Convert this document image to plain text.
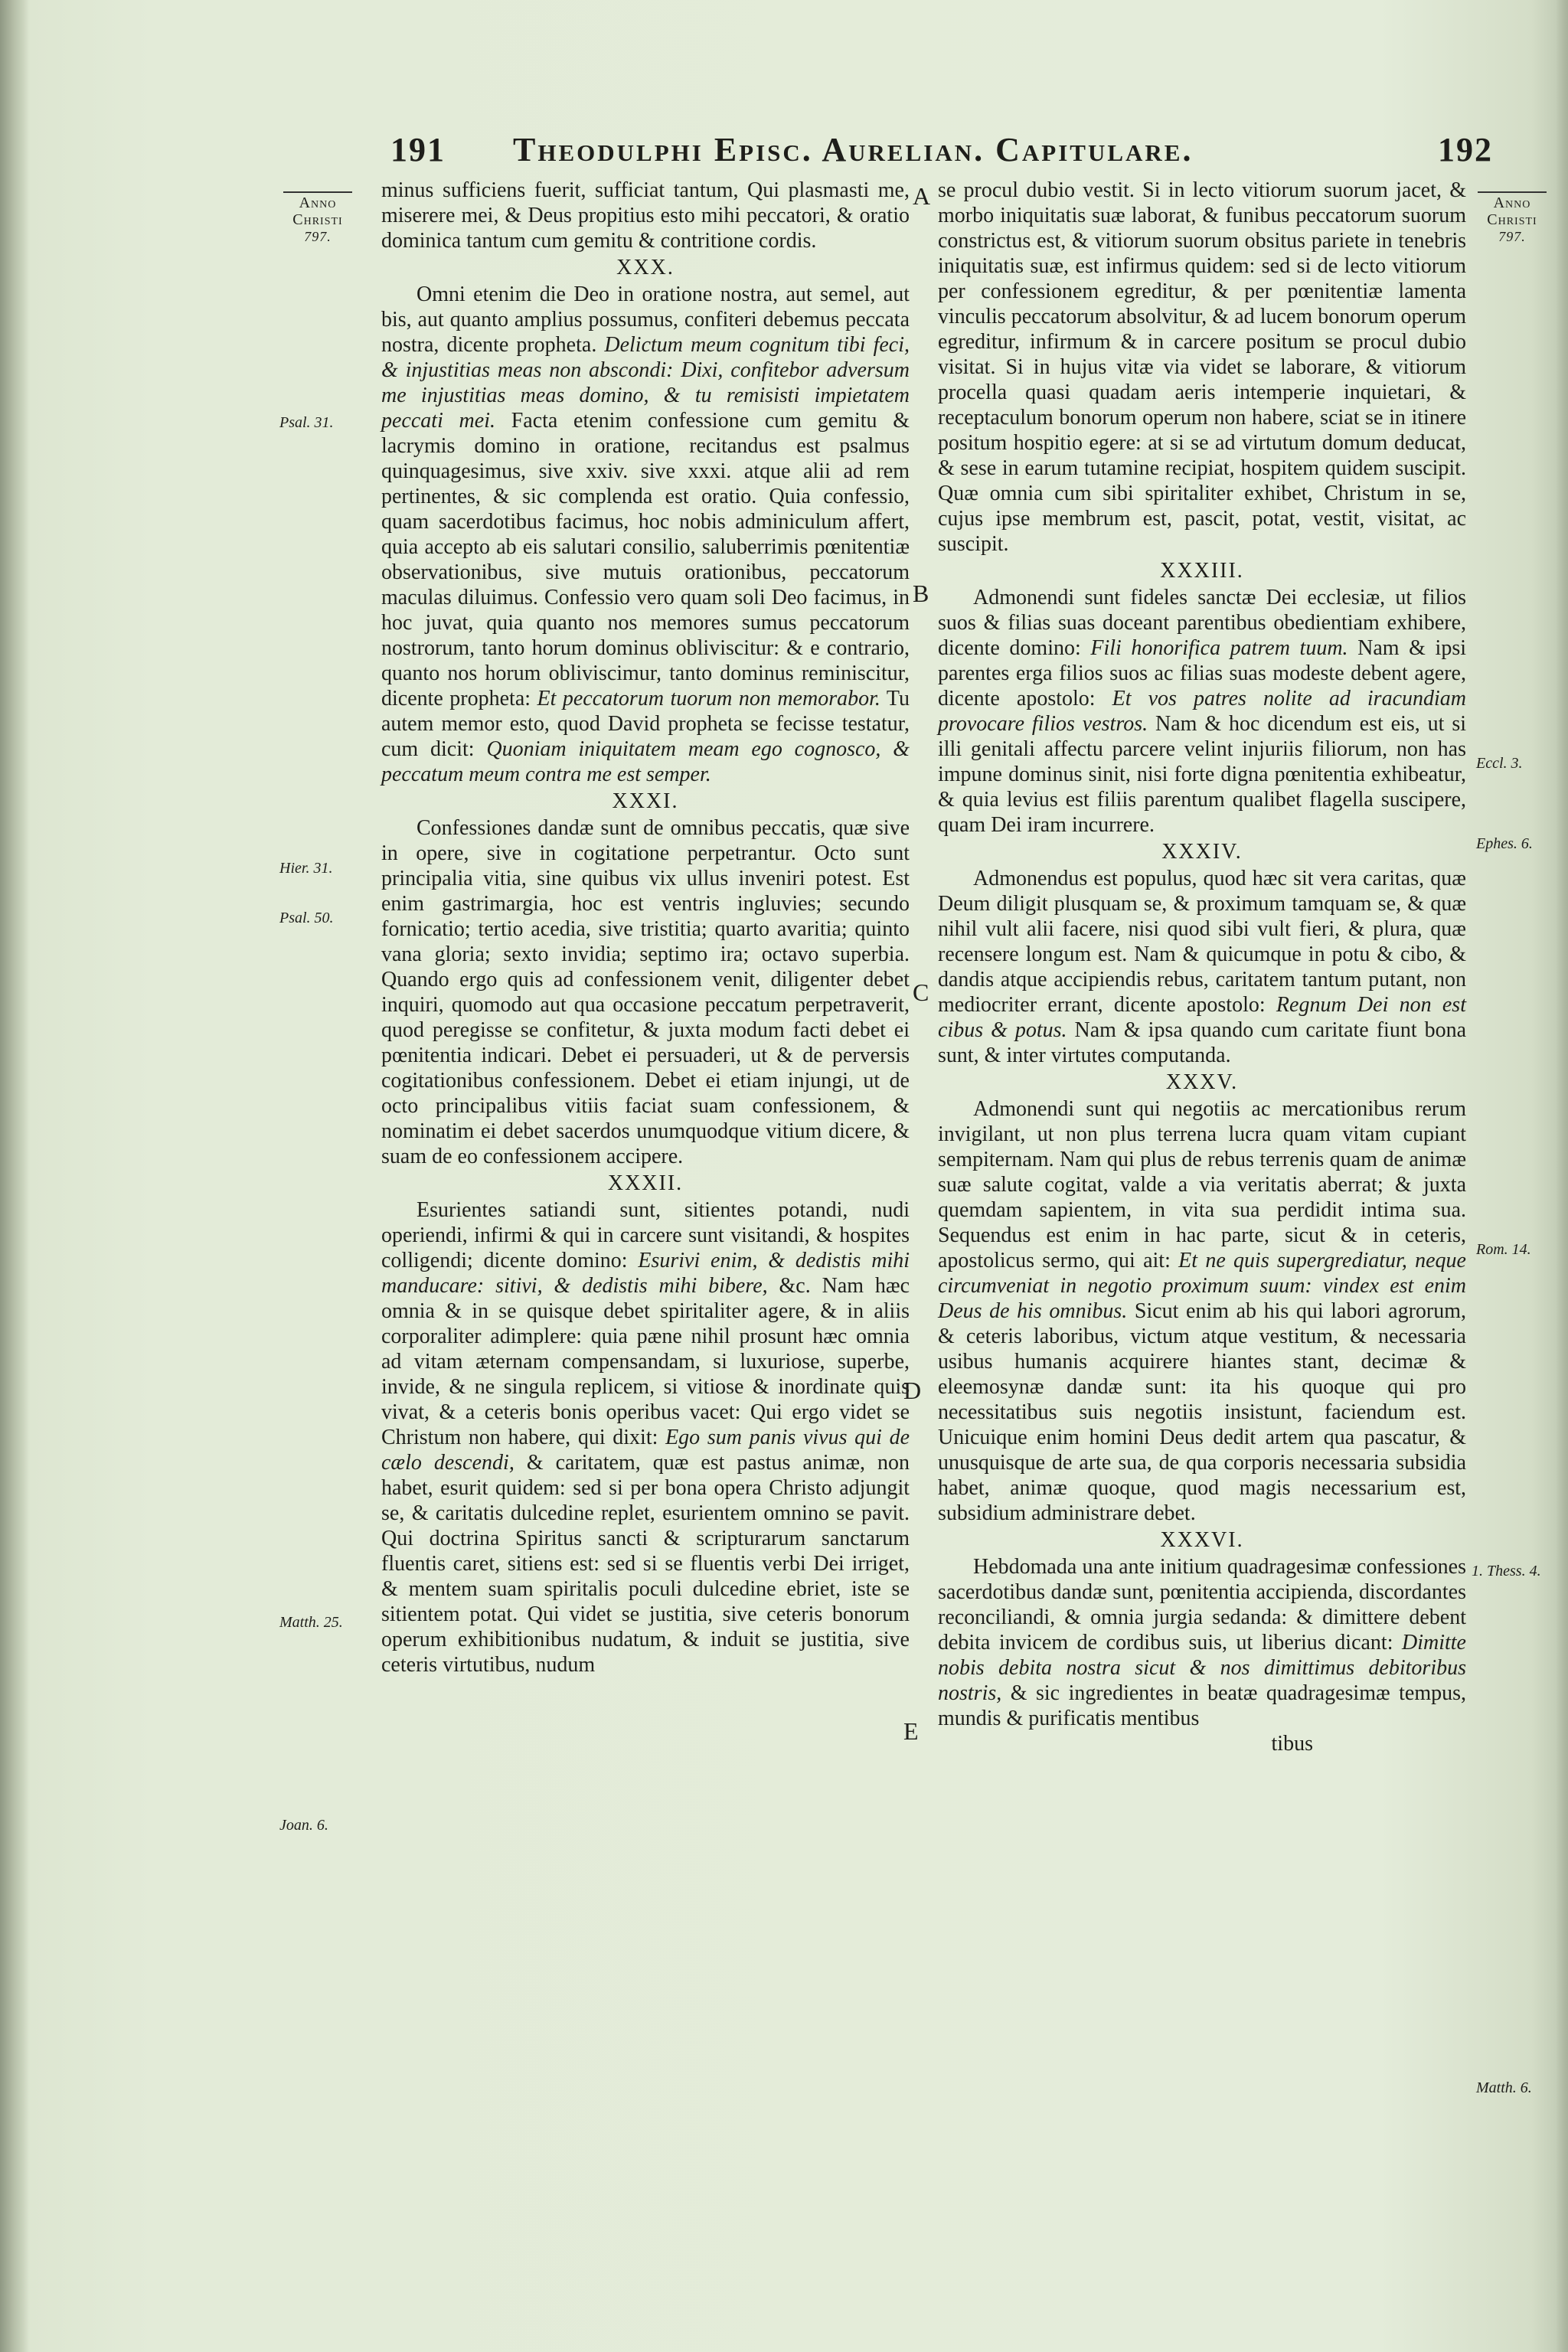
191 Theodulphi Episc. Aurelian. Capitulare.	192
Anno
Christi
797.
Anno
Christi
797.
Psal. 31.
Hier. 31.
Psal. 50.
Matth. 25.
Joan. 6.
Eccl. 3.
Ephes. 6.
Rom. 14.
1. Thess. 4.
Matth. 6.
A
B
C
D
E

minus sufficiens fuerit, sufficiat tantum, Qui plasmasti me, miserere mei, & Deus propitius esto mihi peccatori, & oratio dominica tantum cum gemitu & contritione cordis.

XXX.

Omni etenim die Deo in oratione nostra, aut semel, aut bis, aut quanto amplius possumus, confiteri debemus peccata nostra, dicente propheta. Delictum meum cognitum tibi feci, & injustitias meas non abscondi: Dixi, confitebor adversum me injustitias meas domino, & tu remisisti impietatem peccati mei. Facta etenim confessione cum gemitu & lacrymis domino in oratione, recitandus est psalmus quinquagesimus, sive xxiv. sive xxxi. atque alii ad rem pertinentes, & sic complenda est oratio. Quia confessio, quam sacerdotibus facimus, hoc nobis adminiculum affert, quia accepto ab eis salutari consilio, saluberrimis pœnitentiæ observationibus, sive mutuis orationibus, peccatorum maculas diluimus. Confessio vero quam soli Deo facimus, in hoc juvat, quia quanto nos memores sumus peccatorum nostrorum, tanto horum dominus obliviscitur: & e contrario, quanto nos horum obliviscimur, tanto dominus reminiscitur, dicente propheta: Et peccatorum tuorum non memorabor. Tu autem memor esto, quod David propheta se fecisse testatur, cum dicit: Quoniam iniquitatem meam ego cognosco, & peccatum meum contra me est semper.

XXXI.

Confessiones dandæ sunt de omnibus peccatis, quæ sive in opere, sive in cogitatione perpetrantur. Octo sunt principalia vitia, sine quibus vix ullus inveniri potest. Est enim gastrimargia, hoc est ventris ingluvies; secundo fornicatio; tertio acedia, sive tristitia; quarto avaritia; quinto vana gloria; sexto invidia; septimo ira; octavo superbia. Quando ergo quis ad confessionem venit, diligenter debet inquiri, quomodo aut qua occasione peccatum perpetraverit, quod peregisse se confitetur, & juxta modum facti debet ei pœnitentia indicari. Debet ei persuaderi, ut & de perversis cogitationibus confessionem. Debet ei etiam injungi, ut de octo principalibus vitiis faciat suam confessionem, & nominatim ei debet sacerdos unumquodque vitium dicere, & suam de eo confessionem accipere.

XXXII.

Esurientes satiandi sunt, sitientes potandi, nudi operiendi, infirmi & qui in carcere sunt visitandi, & hospites colligendi; dicente domino: Esurivi enim, & dedistis mihi manducare: sitivi, & dedistis mihi bibere, &c. Nam hæc omnia & in se quisque debet spiritaliter agere, & in aliis corporaliter adimplere: quia pæne nihil prosunt hæc omnia ad vitam æternam compensandam, si luxuriose, superbe, invide, & ne singula replicem, si vitiose & inordinate quis vivat, & a ceteris bonis operibus vacet: Qui ergo videt se Christum non habere, qui dixit: Ego sum panis vivus qui de cælo descendi, & caritatem, quæ est pastus animæ, non habet, esurit quidem: sed si per bona opera Christo adjungit se, & caritatis dulcedine replet, esurientem omnino se pavit. Qui doctrina Spiritus sancti & scripturarum sanctarum fluentis caret, sitiens est: sed si se fluentis verbi Dei irriget, & mentem suam spiritalis poculi dulcedine ebriet, iste se sitientem potat. Qui videt se justitia, sive ceteris bonorum operum exhibitionibus nudatum, & induit se justitia, sive ceteris virtutibus, nudum

se procul dubio vestit. Si in lecto vitiorum suorum jacet, & morbo iniquitatis suæ laborat, & funibus peccatorum suorum constrictus est, & vitiorum suorum obsitus pariete in tenebris iniquitatis suæ, est infirmus quidem: sed si de lecto vitiorum per confessionem egreditur, & per pœnitentiæ lamenta vinculis peccatorum absolvitur, & ad lucem bonorum operum egreditur, infirmum & in carcere positum se procul dubio visitat. Si in hujus vitæ via videt se laborare, & vitiorum procella quasi quadam aeris intemperie inquietari, & receptaculum bonorum operum non habere, sciat se in itinere positum hospitio egere: at si se ad virtutum domum deducat, & sese in earum tutamine recipiat, hospitem quidem suscipit. Quæ omnia cum sibi spiritaliter exhibet, Christum in se, cujus ipse membrum est, pascit, potat, vestit, visitat, ac suscipit.

XXXIII.

Admonendi sunt fideles sanctæ Dei ecclesiæ, ut filios suos & filias suas doceant parentibus obedientiam exhibere, dicente domino: Fili honorifica patrem tuum. Nam & ipsi parentes erga filios suos ac filias suas modeste debent agere, dicente apostolo: Et vos patres nolite ad iracundiam provocare filios vestros. Nam & hoc dicendum est eis, ut si illi genitali affectu parcere velint injuriis filiorum, non has impune dominus sinit, nisi forte digna pœnitentia exhibeatur, & quia levius est filiis parentum qualibet flagella suscipere, quam Dei iram incurrere.

XXXIV.

Admonendus est populus, quod hæc sit vera caritas, quæ Deum diligit plusquam se, & proximum tamquam se, & quæ nihil vult alii facere, nisi quod sibi vult fieri, & plura, quæ recensere longum est. Nam & quicumque in potu & cibo, & dandis atque accipiendis rebus, caritatem tantum putant, non mediocriter errant, dicente apostolo: Regnum Dei non est cibus & potus. Nam & ipsa quando cum caritate fiunt bona sunt, & inter virtutes computanda.

XXXV.

Admonendi sunt qui negotiis ac mercationibus rerum invigilant, ut non plus terrena lucra quam vitam cupiant sempiternam. Nam qui plus de rebus terrenis quam de animæ suæ salute cogitat, valde a via veritatis aberrat; & juxta quemdam sapientem, in vita sua perdidit intima sua. Sequendus est enim in hac parte, sicut & in ceteris, apostolicus sermo, qui ait: Et ne quis supergrediatur, neque circumveniat in negotio proximum suum: vindex est enim Deus de his omnibus. Sicut enim ab his qui labori agrorum, & ceteris laboribus, victum atque vestitum, & necessaria usibus humanis acquirere hiantes stant, decimæ & eleemosynæ dandæ sunt: ita his quoque qui pro necessitatibus suis negotiis insistunt, faciendum est. Unicuique enim homini Deus dedit artem qua pascatur, & unusquisque de arte sua, de qua corporis necessaria subsidia habet, animæ quoque, quod magis necessarium est, subsidium administrare debet.

XXXVI.

Hebdomada una ante initium quadragesimæ confessiones sacerdotibus dandæ sunt, pœnitentia accipienda, discordantes reconciliandi, & omnia jurgia sedanda: & dimittere debent debita invicem de cordibus suis, ut liberius dicant: Dimitte nobis debita nostra sicut & nos dimittimus debitoribus nostris, & sic ingredientes in beatæ quadragesimæ tempus, mundis & purificatis mentibus

tibus
